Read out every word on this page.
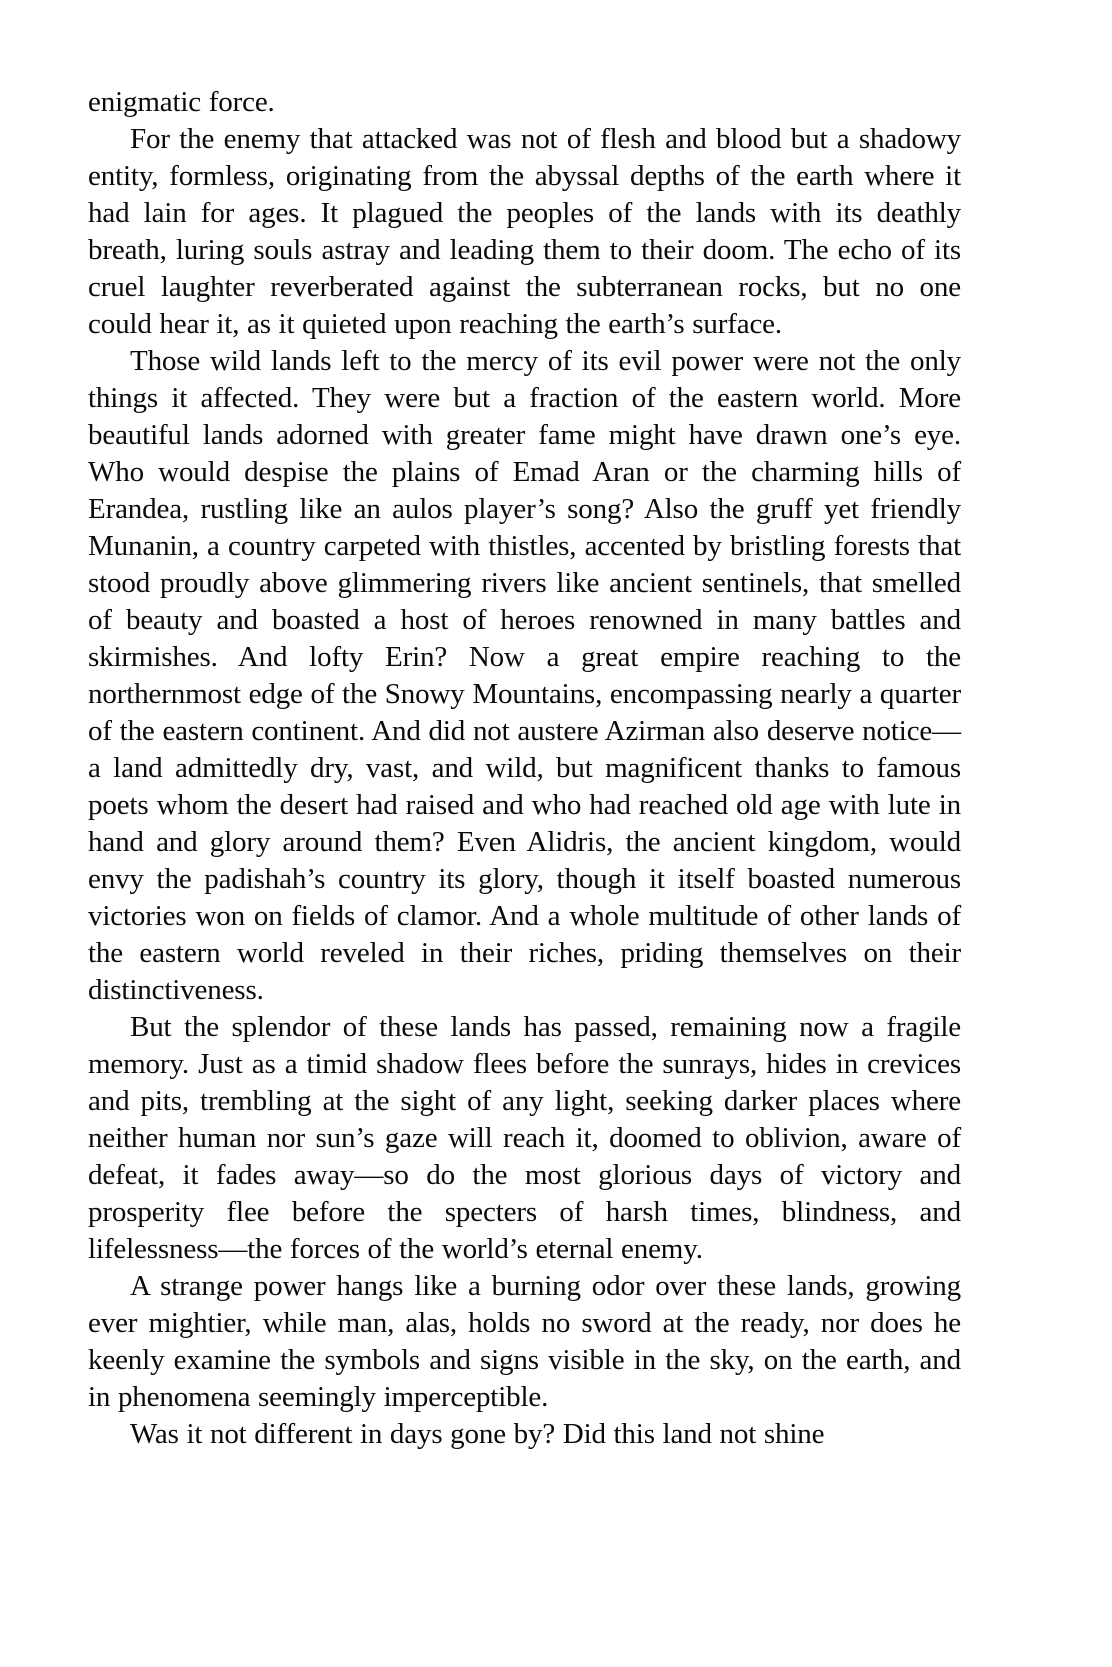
enigmatic force.

For the enemy that attacked was not of flesh and blood but a shadowy entity, formless, originating from the abyssal depths of the earth where it had lain for ages. It plagued the peoples of the lands with its deathly breath, luring souls astray and leading them to their doom. The echo of its cruel laughter reverberated against the subterranean rocks, but no one could hear it, as it quieted upon reaching the earth’s surface.

Those wild lands left to the mercy of its evil power were not the only things it affected. They were but a fraction of the eastern world. More beautiful lands adorned with greater fame might have drawn one’s eye. Who would despise the plains of Emad Aran or the charming hills of Erandea, rustling like an aulos player’s song? Also the gruff yet friendly Munanin, a country carpeted with thistles, accented by bristling forests that stood proudly above glimmering rivers like ancient sentinels, that smelled of beauty and boasted a host of heroes renowned in many battles and skirmishes. And lofty Erin? Now a great empire reaching to the northernmost edge of the Snowy Mountains, encompassing nearly a quarter of the eastern continent. And did not austere Azirman also deserve notice—a land admittedly dry, vast, and wild, but magnificent thanks to famous poets whom the desert had raised and who had reached old age with lute in hand and glory around them? Even Alidris, the ancient kingdom, would envy the padishah’s country its glory, though it itself boasted numerous victories won on fields of clamor. And a whole multitude of other lands of the eastern world reveled in their riches, priding themselves on their distinctiveness.

But the splendor of these lands has passed, remaining now a fragile memory. Just as a timid shadow flees before the sunrays, hides in crevices and pits, trembling at the sight of any light, seeking darker places where neither human nor sun’s gaze will reach it, doomed to oblivion, aware of defeat, it fades away—so do the most glorious days of victory and prosperity flee before the specters of harsh times, blindness, and lifelessness—the forces of the world’s eternal enemy.

A strange power hangs like a burning odor over these lands, growing ever mightier, while man, alas, holds no sword at the ready, nor does he keenly examine the symbols and signs visible in the sky, on the earth, and in phenomena seemingly imperceptible.

Was it not different in days gone by? Did this land not shine
